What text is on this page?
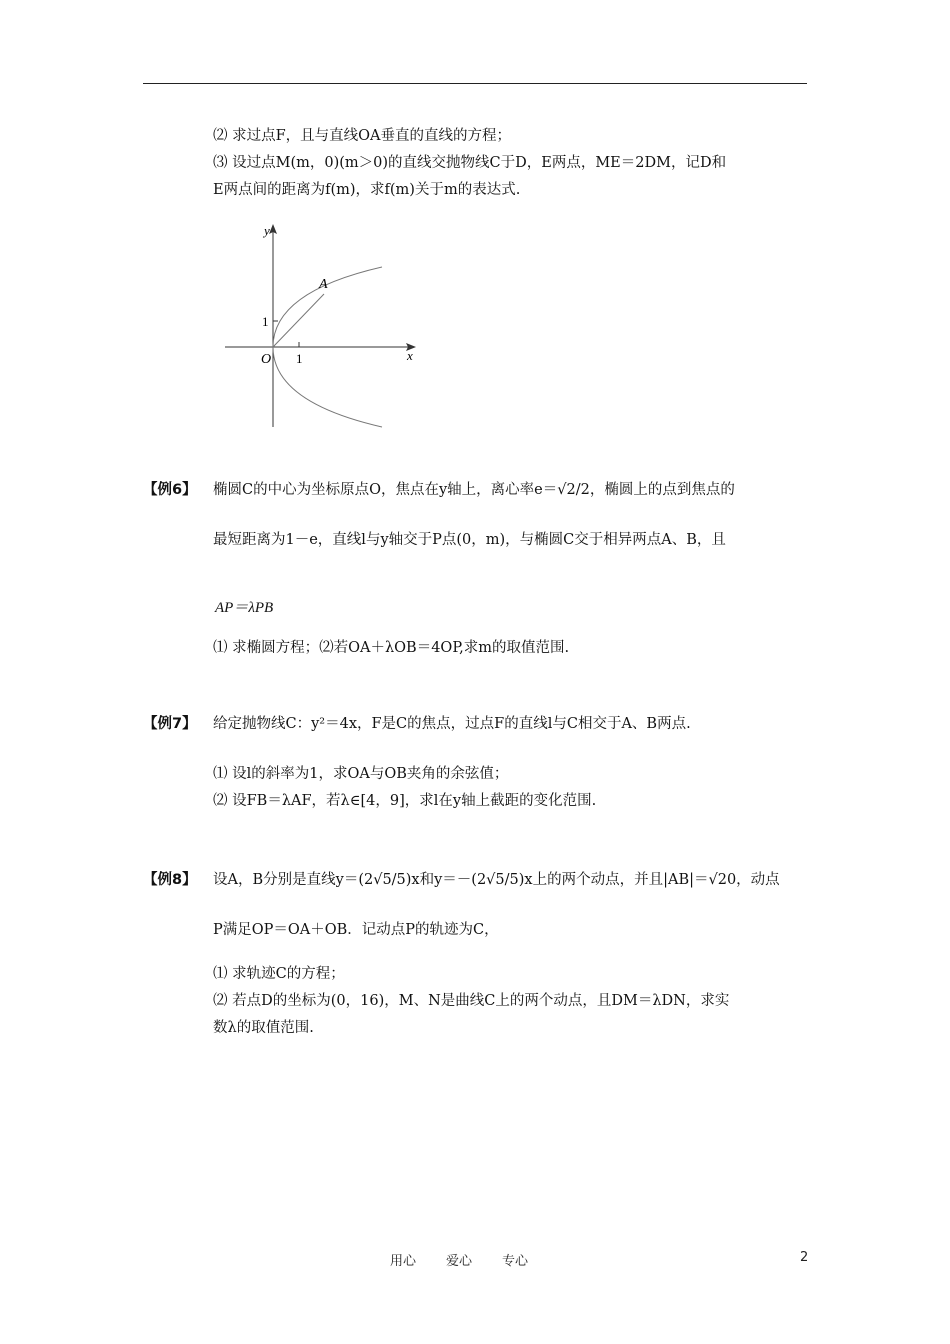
⑵ 求过点F，且与直线OA垂直的直线的方程；
⑶ 设过点M(m，0)(m＞0)的直线交抛物线C于D，E两点，ME＝2DM，记D和
E两点间的距离为f(m)，求f(m)关于m的表达式.
y
x
O
A
1
1
【例6】 椭圆C的中心为坐标原点O，焦点在y轴上，离心率e＝√2/2，椭圆上的点到焦点的
最短距离为1－e，直线l与y轴交于P点(0，m)，与椭圆C交于相异两点A、B，且
AP＝λPB
⑴ 求椭圆方程；⑵若OA＋λOB＝4OP,求m的取值范围.
【例7】 给定抛物线C：y²＝4x，F是C的焦点，过点F的直线l与C相交于A、B两点.
⑴ 设l的斜率为1，求OA与OB夹角的余弦值；
⑵ 设FB＝λAF，若λ∈[4，9]，求l在y轴上截距的变化范围.
【例8】 设A，B分别是直线y＝(2√5/5)x和y＝－(2√5/5)x上的两个动点，并且|AB|＝√20，动点
P满足OP＝OA＋OB．记动点P的轨迹为C，
⑴ 求轨迹C的方程；
⑵ 若点D的坐标为(0，16)，M、N是曲线C上的两个动点，且DM＝λDN，求实
数λ的取值范围.
用心 爱心 专心	2
